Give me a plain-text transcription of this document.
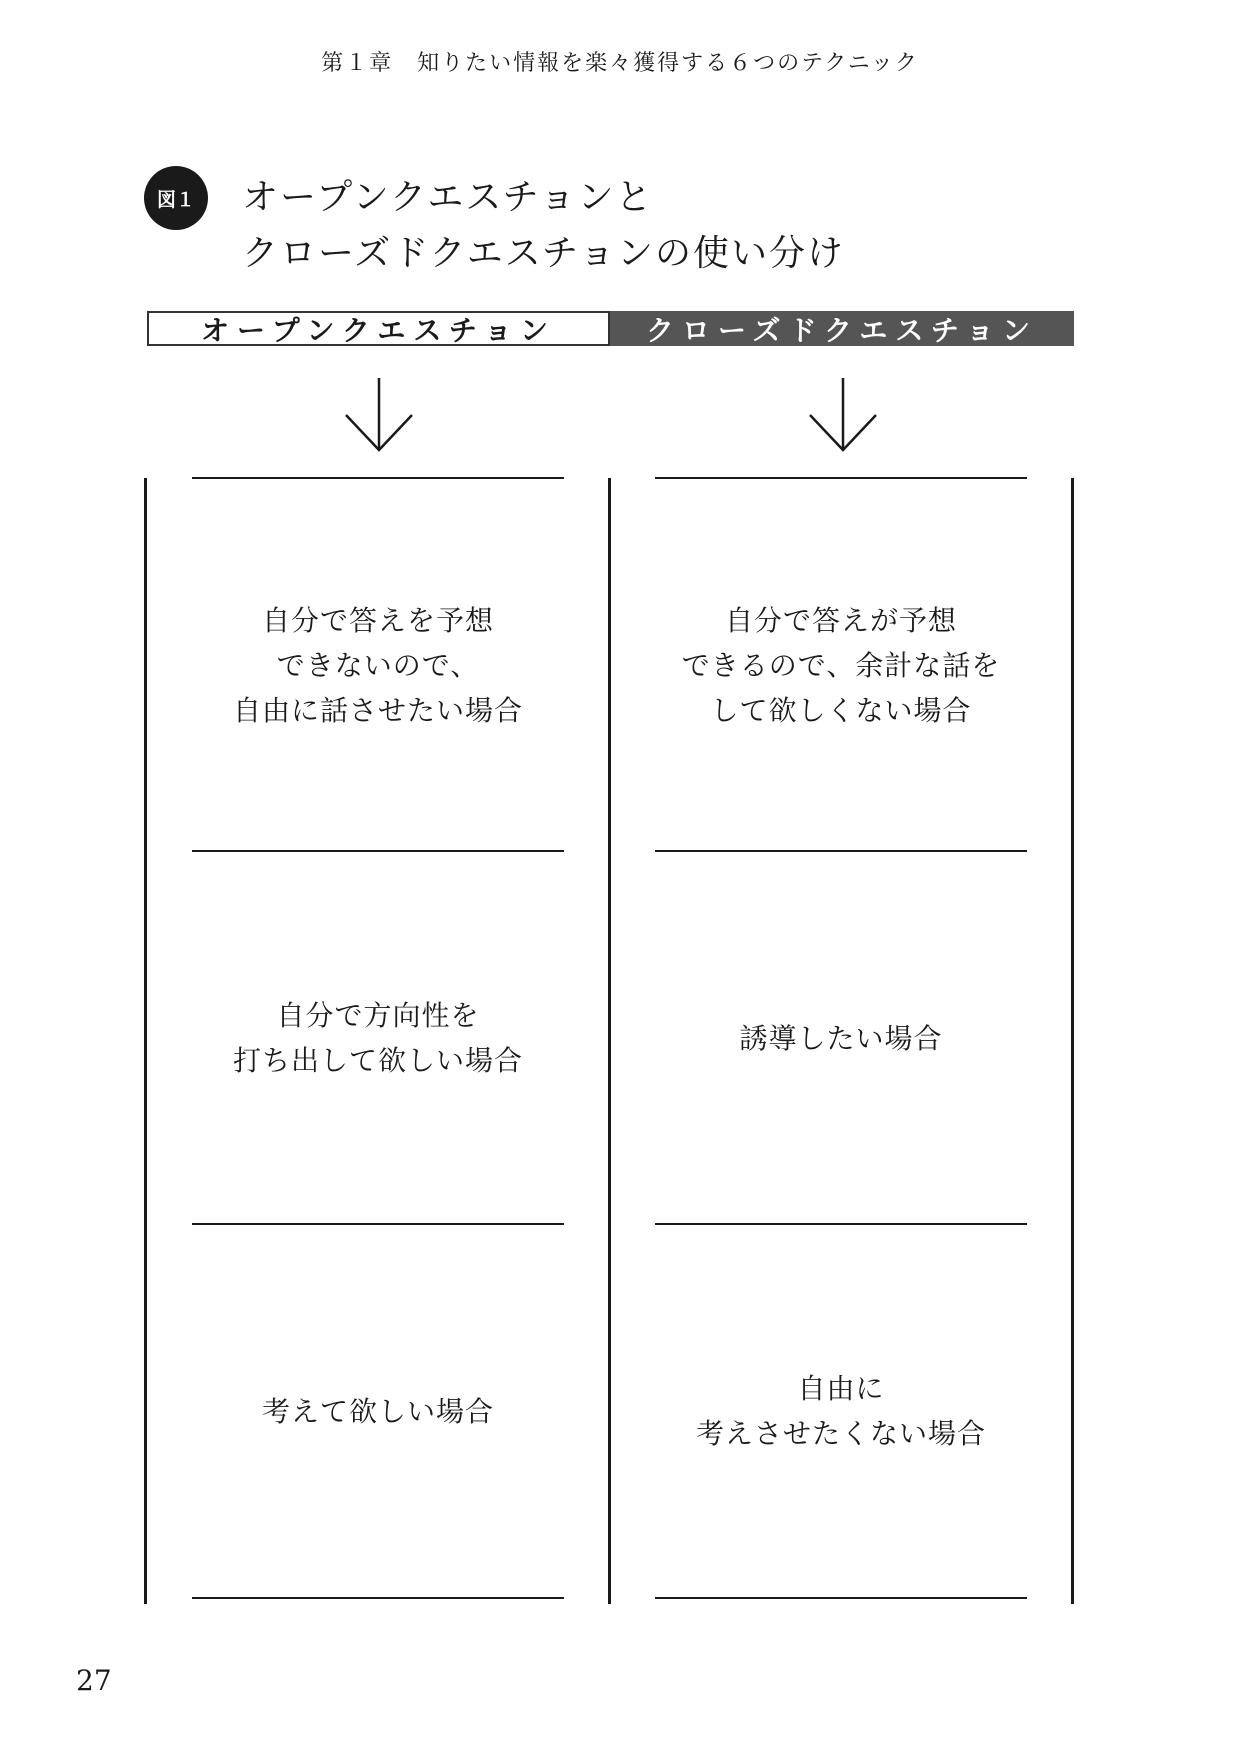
第１章　知りたい情報を楽々獲得する６つのテクニック
図１	オープンクエスチョンと
クローズドクエスチョンの使い分け
オープンクエスチョン	クローズドクエスチョン
自分で答えを予想
できないので、
自由に話させたい場合
自分で方向性を
打ち出して欲しい場合
考えて欲しい場合
自分で答えが予想
できるので、余計な話を
して欲しくない場合
誘導したい場合
自由に
考えさせたくない場合
27
